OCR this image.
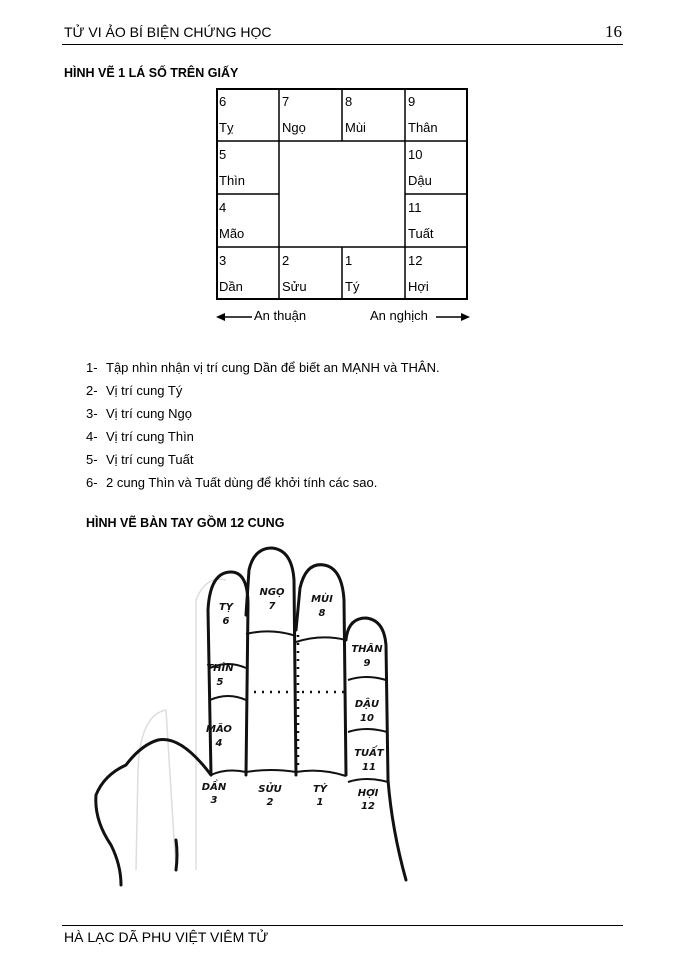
TỬ VI ẢO BÍ BIỆN CHỨNG HỌC	16
HÌNH VẼ 1 LÁ SỐ TRÊN GIẤY
6
Tỵ
7
Ngọ
8
Mùi
9
Thân
5
Thìn
10
Dậu
4
Mão
11
Tuất
3
Dần
2
Sửu
1
Tý
12
Hợi
An thuận	An nghịch
1- Tập nhìn nhận vị trí cung Dần để biết an MẠNH và THÂN.
2- Vị trí cung Tý
3- Vị trí cung Ngọ
4- Vị trí cung Thìn
5- Vị trí cung Tuất
6- 2 cung Thìn và Tuất dùng để khởi tính các sao.
HÌNH VẼ BÀN TAY GỒM 12 CUNG
TỴ
6
NGỌ
7
MÙI
8
THÂN
9
THÌN
5
DẬU
10
MÃO
4
TUẤT
11
DẦN
3
SỬU
2
TÝ
1
HỢI
12
HÀ LẠC DÃ PHU VIỆT VIÊM TỬ
